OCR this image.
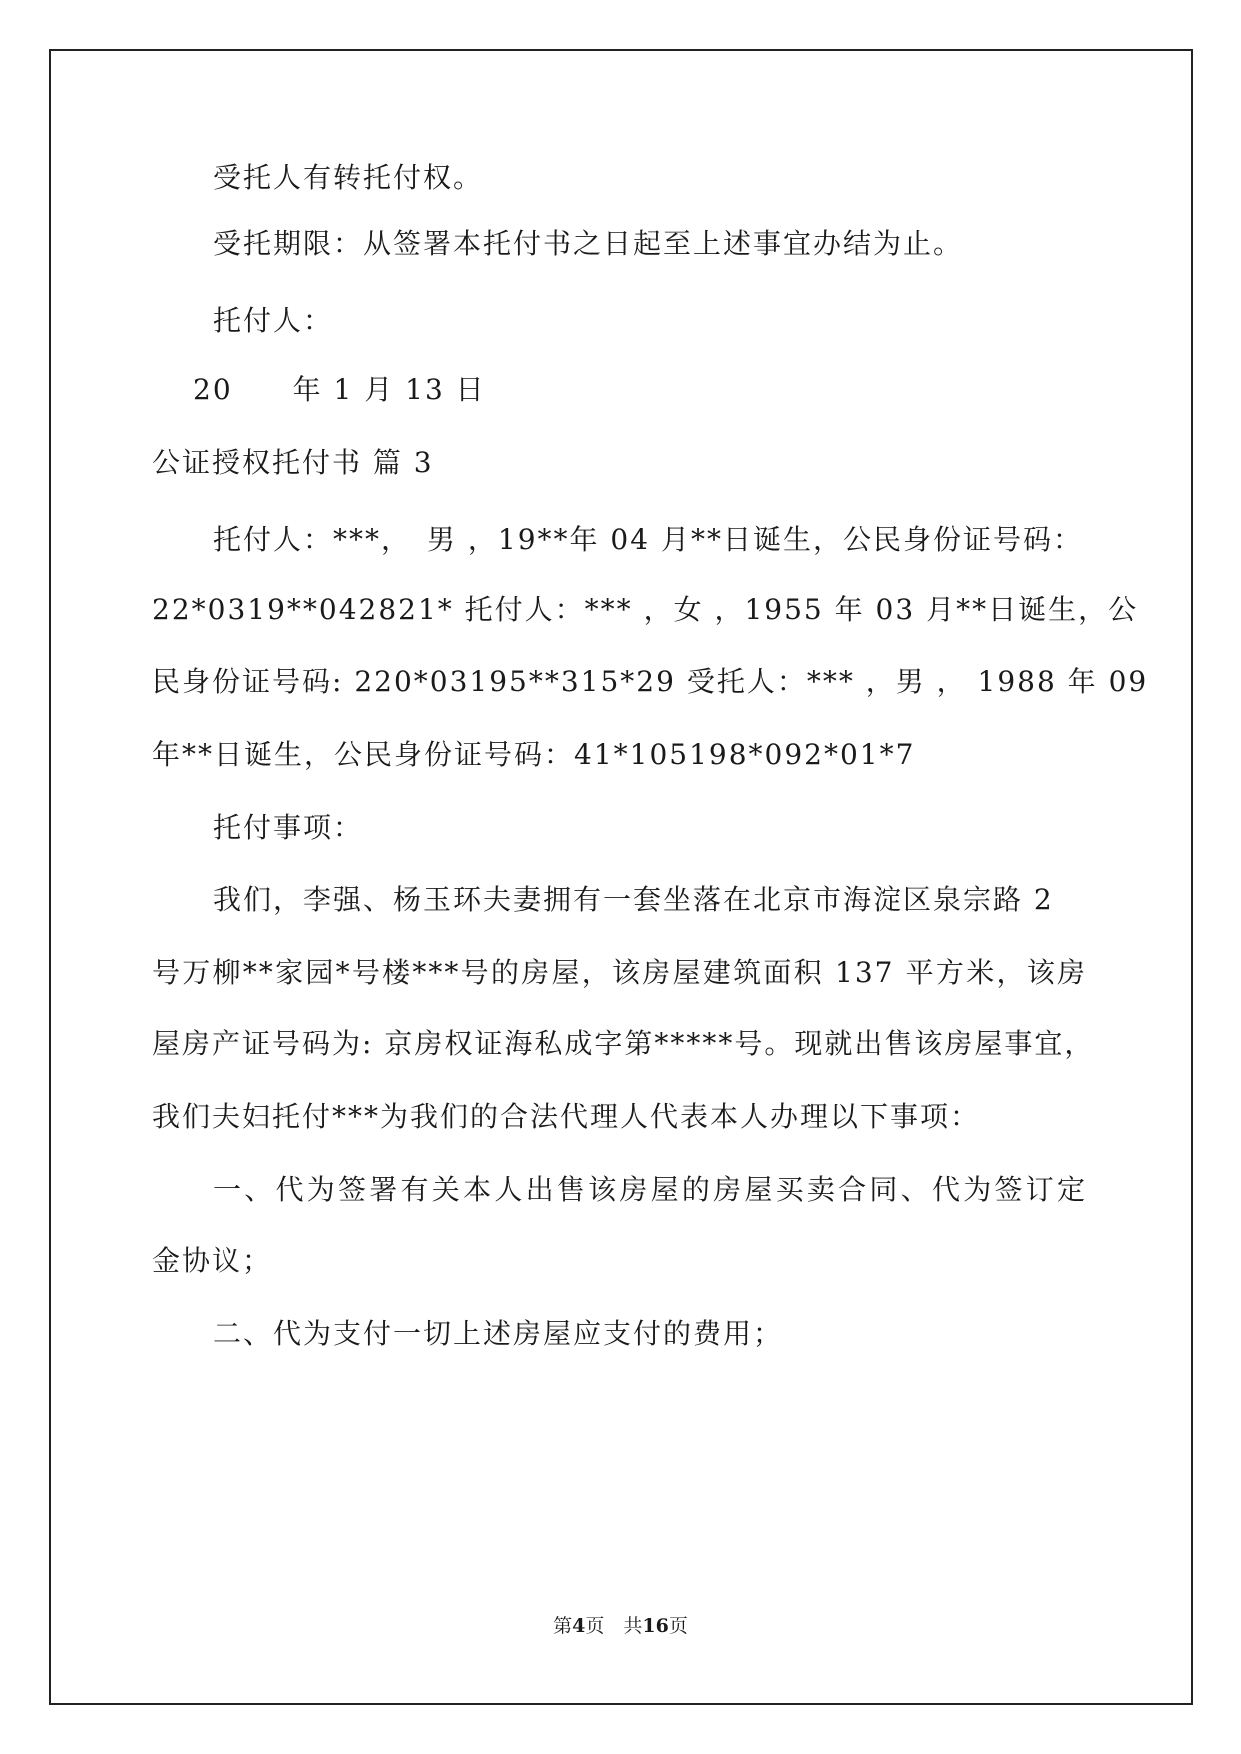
受托人有转托付权。
受托期限：从签署本托付书之日起至上述事宜办结为止。
托付人：
20　　年 1 月 13 日
公证授权托付书 篇 3
托付人：***，　男 ，19**年 04 月**日诞生，公民身份证号码：
22*0319**042821* 托付人：*** ，女 ，1955 年 03 月**日诞生，公
民身份证号码: 220*03195**315*29 受托人：*** ，男 ， 1988 年 09
年**日诞生，公民身份证号码：41*105198*092*01*7
托付事项：
我们，李强、杨玉环夫妻拥有一套坐落在北京市海淀区泉宗路 2
号万柳**家园*号楼***号的房屋，该房屋建筑面积 137 平方米，该房
屋房产证号码为: 京房权证海私成字第*****号。现就出售该房屋事宜，
我们夫妇托付***为我们的合法代理人代表本人办理以下事项：
一、代为签署有关本人出售该房屋的房屋买卖合同、代为签订定
金协议；
二、代为支付一切上述房屋应支付的费用；
第4页　共16页
